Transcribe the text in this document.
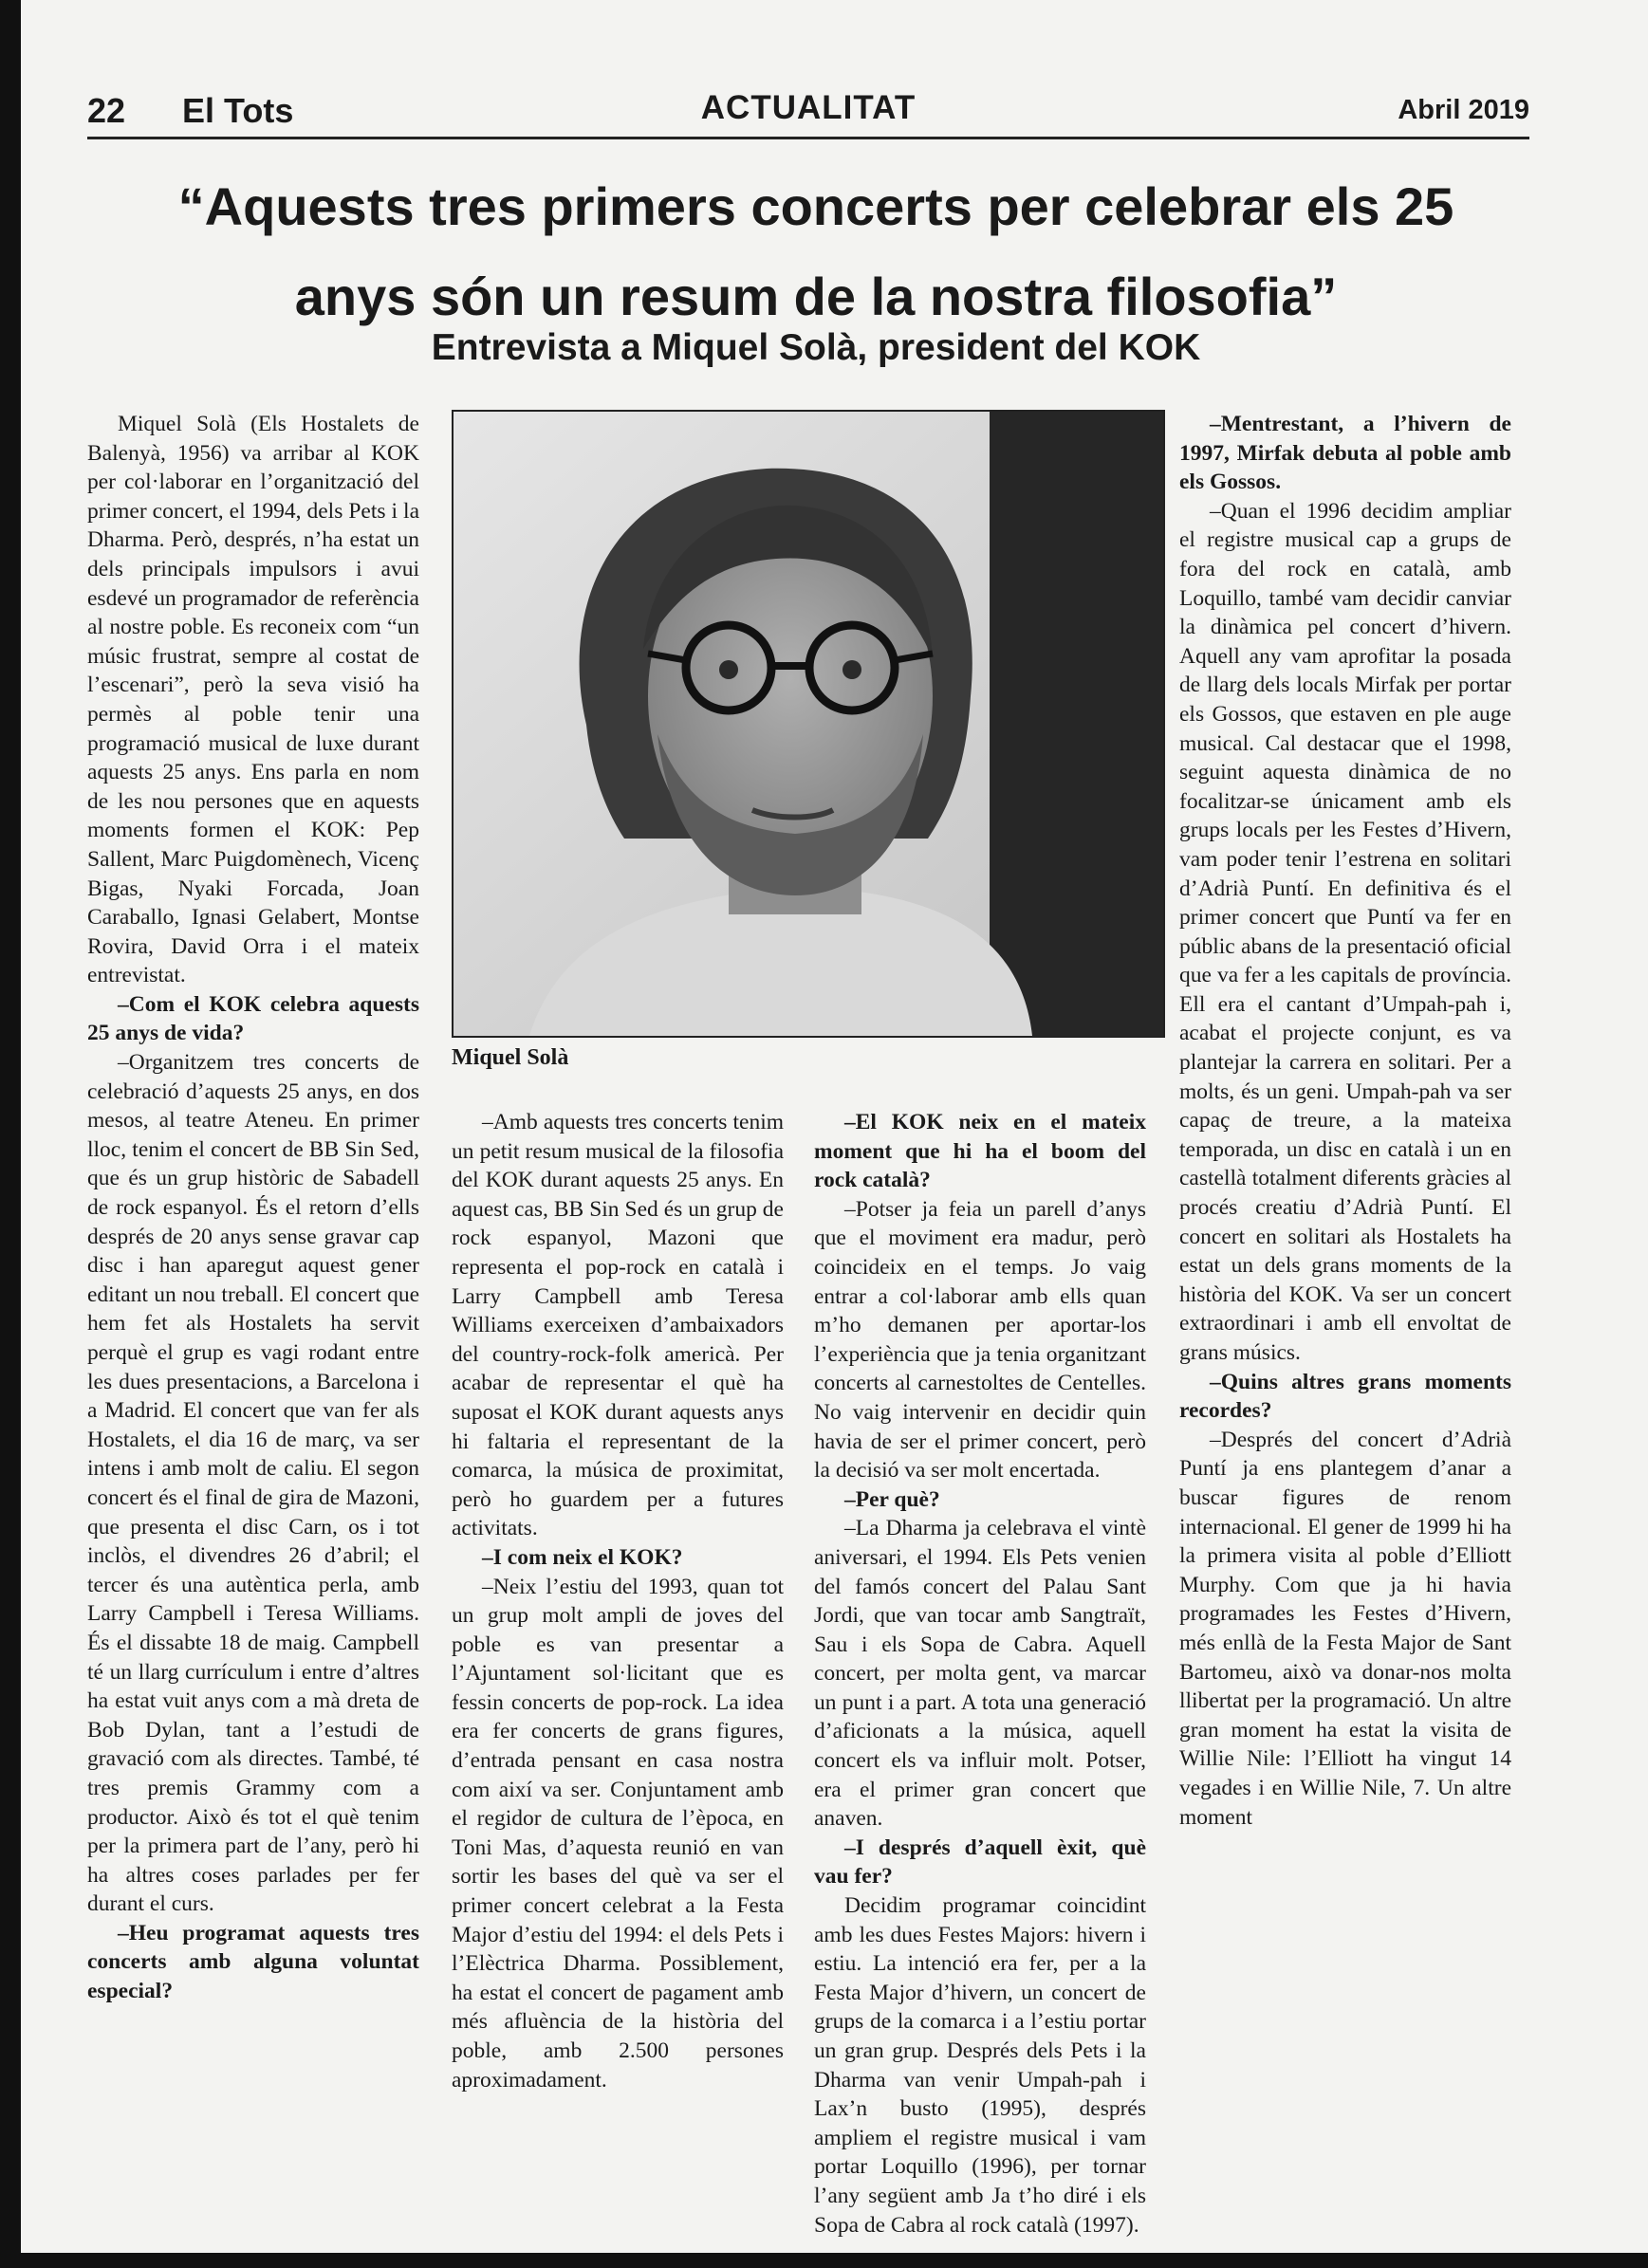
22 El Tots	ACTUALITAT	Abril 2019
“Aquests tres primers concerts per celebrar els 25 anys són un resum de la nostra filosofia”
Entrevista a Miquel Solà, president del KOK

Miquel Solà (Els Hostalets de Balenyà, 1956) va arribar al KOK per col·laborar en l’organització del primer concert, el 1994, dels Pets i la Dharma. Però, després, n’ha estat un dels principals impulsors i avui esdevé un programador de referència al nostre poble. Es reconeix com “un músic frustrat, sempre al costat de l’escenari”, però la seva visió ha permès al poble tenir una programació musical de luxe durant aquests 25 anys. Ens parla en nom de les nou persones que en aquests moments formen el KOK: Pep Sallent, Marc Puigdomènech, Vicenç Bigas, Nyaki Forcada, Joan Caraballo, Ignasi Gelabert, Montse Rovira, David Orra i el mateix entrevistat.

–Com el KOK celebra aquests 25 anys de vida?

–Organitzem tres concerts de celebració d’aquests 25 anys, en dos mesos, al teatre Ateneu. En primer lloc, tenim el concert de BB Sin Sed, que és un grup històric de Sabadell de rock espanyol. És el retorn d’ells després de 20 anys sense gravar cap disc i han aparegut aquest gener editant un nou treball. El concert que hem fet als Hostalets ha servit perquè el grup es vagi rodant entre les dues presentacions, a Barcelona i a Madrid. El concert que van fer als Hostalets, el dia 16 de març, va ser intens i amb molt de caliu. El segon concert és el final de gira de Mazoni, que presenta el disc Carn, os i tot inclòs, el divendres 26 d’abril; el tercer és una autèntica perla, amb Larry Campbell i Teresa Williams. És el dissabte 18 de maig. Campbell té un llarg currículum i entre d’altres ha estat vuit anys com a mà dreta de Bob Dylan, tant a l’estudi de gravació com als directes. També, té tres premis Grammy com a productor. Això és tot el què tenim per la primera part de l’any, però hi ha altres coses parlades per fer durant el curs.

–Heu programat aquests tres concerts amb alguna voluntat especial?

Miquel Solà

–Amb aquests tres concerts tenim un petit resum musical de la filosofia del KOK durant aquests 25 anys. En aquest cas, BB Sin Sed és un grup de rock espanyol, Mazoni que representa el pop-rock en català i Larry Campbell amb Teresa Williams exerceixen d’ambaixadors del country-rock-folk americà. Per acabar de representar el què ha suposat el KOK durant aquests anys hi faltaria el representant de la comarca, la música de proximitat, però ho guardem per a futures activitats.

–I com neix el KOK?

–Neix l’estiu del 1993, quan tot un grup molt ampli de joves del poble es van presentar a l’Ajuntament sol·licitant que es fessin concerts de pop-rock. La idea era fer concerts de grans figures, d’entrada pensant en casa nostra com així va ser. Conjuntament amb el regidor de cultura de l’època, en Toni Mas, d’aquesta reunió en van sortir les bases del què va ser el primer concert celebrat a la Festa Major d’estiu del 1994: el dels Pets i l’Elèctrica Dharma. Possiblement, ha estat el concert de pagament amb més afluència de la història del poble, amb 2.500 persones aproximadament.

–El KOK neix en el mateix moment que hi ha el boom del rock català?

–Potser ja feia un parell d’anys que el moviment era madur, però coincideix en el temps. Jo vaig entrar a col·laborar amb ells quan m’ho demanen per aportar-los l’experiència que ja tenia organitzant concerts al carnestoltes de Centelles. No vaig intervenir en decidir quin havia de ser el primer concert, però la decisió va ser molt encertada.

–Per què?

–La Dharma ja celebrava el vintè aniversari, el 1994. Els Pets venien del famós concert del Palau Sant Jordi, que van tocar amb Sangtraït, Sau i els Sopa de Cabra. Aquell concert, per molta gent, va marcar un punt i a part. A tota una generació d’aficionats a la música, aquell concert els va influir molt. Potser, era el primer gran concert que anaven.

–I després d’aquell èxit, què vau fer?

Decidim programar coincidint amb les dues Festes Majors: hivern i estiu. La intenció era fer, per a la Festa Major d’hivern, un concert de grups de la comarca i a l’estiu portar un gran grup. Després dels Pets i la Dharma van venir Umpah-pah i Lax’n busto (1995), després ampliem el registre musical i vam portar Loquillo (1996), per tornar l’any següent amb Ja t’ho diré i els Sopa de Cabra al rock català (1997).

–Mentrestant, a l’hivern de 1997, Mirfak debuta al poble amb els Gossos.

–Quan el 1996 decidim ampliar el registre musical cap a grups de fora del rock en català, amb Loquillo, també vam decidir canviar la dinàmica pel concert d’hivern. Aquell any vam aprofitar la posada de llarg dels locals Mirfak per portar els Gossos, que estaven en ple auge musical. Cal destacar que el 1998, seguint aquesta dinàmica de no focalitzar-se únicament amb els grups locals per les Festes d’Hivern, vam poder tenir l’estrena en solitari d’Adrià Puntí. En definitiva és el primer concert que Puntí va fer en públic abans de la presentació oficial que va fer a les capitals de província. Ell era el cantant d’Umpah-pah i, acabat el projecte conjunt, es va plantejar la carrera en solitari. Per a molts, és un geni. Umpah-pah va ser capaç de treure, a la mateixa temporada, un disc en català i un en castellà totalment diferents gràcies al procés creatiu d’Adrià Puntí. El concert en solitari als Hostalets ha estat un dels grans moments de la història del KOK. Va ser un concert extraordinari i amb ell envoltat de grans músics.

–Quins altres grans moments recordes?

–Després del concert d’Adrià Puntí ja ens plantegem d’anar a buscar figures de renom internacional. El gener de 1999 hi ha la primera visita al poble d’Elliott Murphy. Com que ja hi havia programades les Festes d’Hivern, més enllà de la Festa Major de Sant Bartomeu, això va donar-nos molta llibertat per la programació. Un altre gran moment ha estat la visita de Willie Nile: l’Elliott ha vingut 14 vegades i en Willie Nile, 7. Un altre moment
